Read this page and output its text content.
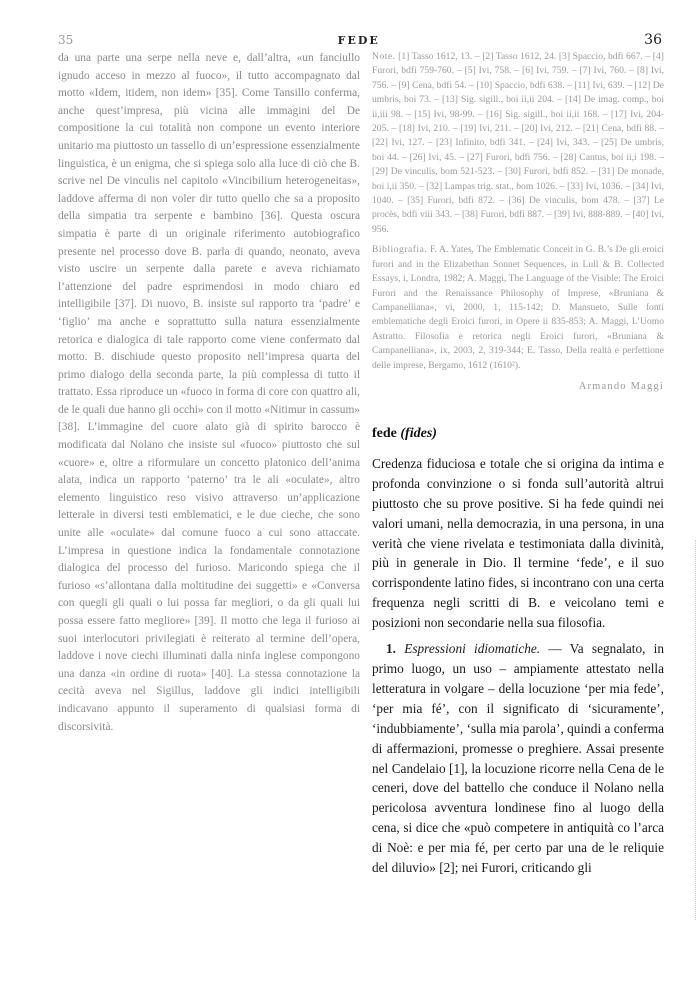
35	FEDE	36

da una parte una serpe nella neve e, dall’altra, «un fanciullo ignudo acceso in mezzo al fuoco», il tutto accompagnato dal motto «Idem, itidem, non idem» [35]. Come Tansillo conferma, anche quest’impresa, più vicina alle immagini del De compositione la cui totalità non compone un evento interiore unitario ma piuttosto un tassello di un’espressione essenzialmente linguistica, è un enigma, che si spiega solo alla luce di ciò che B. scrive nel De vinculis nel capitolo «Vincibilium heterogeneitas», laddove afferma di non voler dir tutto quello che sa a proposito della simpatia tra serpente e bambino [36]. Questa oscura simpatia è parte di un originale riferimento autobiografico presente nel processo dove B. parla di quando, neonato, aveva visto uscire un serpente dalla parete e aveva richiamato l’attenzione del padre esprimendosi in modo chiaro ed intelligibile [37]. Di nuovo, B. insiste sul rapporto tra ‘padre’ e ‘figlio’ ma anche e soprattutto sulla natura essenzialmente retorica e dialogica di tale rapporto come viene confermato dal motto. B. dischiude questo proposito nell’impresa quarta del primo dialogo della seconda parte, la più complessa di tutto il trattato. Essa riproduce un «fuoco in forma di core con quattro ali, de le quali due hanno gli occhi» con il motto «Nitimur in cassum» [38]. L’immagine del cuore alato già di spirito barocco è modificata dal Nolano che insiste sul «fuoco» piuttosto che sul «cuore» e, oltre a riformulare un concetto platonico dell’anima alata, indica un rapporto ‘paterno’ tra le ali «oculate», altro elemento linguistico reso visivo attraverso un’applicazione letterale in diversi testi emblematici, e le due cieche, che sono unite alle «oculate» dal comune fuoco a cui sono attaccate. L’impresa in questione indica la fondamentale connotazione dialogica del processo del furioso. Maricondo spiega che il furioso «s’allontana dalla moltitudine dei suggetti» e «Conversa con quegli gli quali o lui possa far megliori, o da gli quali lui possa essere fatto megliore» [39]. Il motto che lega il furioso ai suoi interlocutori privilegiati è reiterato al termine dell’opera, laddove i nove ciechi illuminati dalla ninfa inglese compongono una danza «in ordine di ruota» [40]. La stessa connotazione la cecità aveva nel Sigillus, laddove gli indici intelligibili indicavano appunto il superamento di qualsiasi forma di discorsività.

Note. [1] Tasso 1612, 13. – [2] Tasso 1612, 24. [3] Spaccio, bdfi 667. – [4] Furori, bdfi 759-760. – [5] Ivi, 758. – [6] Ivi, 759. – [7] Ivi, 760. – [8] Ivi, 756. – [9] Cena, bdfi 54. – [10] Spaccio, bdfi 638. – [11] Ivi, 639. – [12] De umbris, boi 73. – [13] Sig. sigill., boi ii,ii 204. – [14] De imag. comp., boi ii,iii 98. – [15] Ivi, 98-99. – [16] Sig. sigill., boi ii,ii 168. – [17] Ivi, 204-205. – [18] Ivi, 210. – [19] Ivi, 211. – [20] Ivi, 212. – [21] Cena, bdfi 88. – [22] Ivi, 127. – [23] Infinito, bdfi 341. – [24] Ivi, 343. – [25] De umbris, boi 44. – [26] Ivi, 45. – [27] Furori, bdfi 756. – [28] Cantus, boi ii,i 198. – [29] De vinculis, bom 521-523. – [30] Furori, bdfi 852. – [31] De monade, boi i,ii 350. – [32] Lampas trig. stat., bom 1026. – [33] Ivi, 1036. – [34] Ivi, 1040. – [35] Furori, bdfi 872. – [36] De vinculis, bom 478. – [37] Le procès, bdfi viii 343. – [38] Furori, bdfi 887. – [39] Ivi, 888-889. – [40] Ivi, 956.

Bibliografia. F. A. Yates, The Emblematic Conceit in G. B.’s De gli eroici furori and in the Elizabethan Sonnet Sequences, in Lull & B. Collected Essays, i, Londra, 1982; A. Maggi, The Language of the Visible: The Eroici Furori and the Renaissance Philosophy of Imprese, «Bruniana & Campanelliana», vi, 2000, 1, 115-142; D. Mansueto, Sulle fonti emblematiche degli Eroici furori, in Opere ii 835-853; A. Maggi, L’Uomo Astratto. Filosofia e retorica negli Eroici furori, «Bruniana & Campanelliana», ix, 2003, 2, 319-344; E. Tasso, Della realtà e perfettione delle imprese, Bergamo, 1612 (1610²).

Armando Maggi
fede (fides)

Credenza fiduciosa e totale che si origina da intima e profonda convinzione o si fonda sull’autorità altrui piuttosto che su prove positive. Si ha fede quindi nei valori umani, nella democrazia, in una persona, in una verità che viene rivelata e testimoniata dalla divinità, più in generale in Dio. Il termine ‘fede’, e il suo corrispondente latino fides, si incontrano con una certa frequenza negli scritti di B. e veicolano temi e posizioni non secondarie nella sua filosofia.

1. Espressioni idiomatiche. — Va segnalato, in primo luogo, un uso – ampiamente attestato nella letteratura in volgare – della locuzione ‘per mia fede’, ‘per mia fé’, con il significato di ‘sicuramente’, ‘indubbiamente’, ‘sulla mia parola’, quindi a conferma di affermazioni, promesse o preghiere. Assai presente nel Candelaio [1], la locuzione ricorre nella Cena de le ceneri, dove del battello che conduce il Nolano nella pericolosa avventura londinese fino al luogo della cena, si dice che «può competere in antiquità co l’arca di Noè: e per mia fé, per certo par una de le reliquie del diluvio» [2]; nei Furori, criticando gli
